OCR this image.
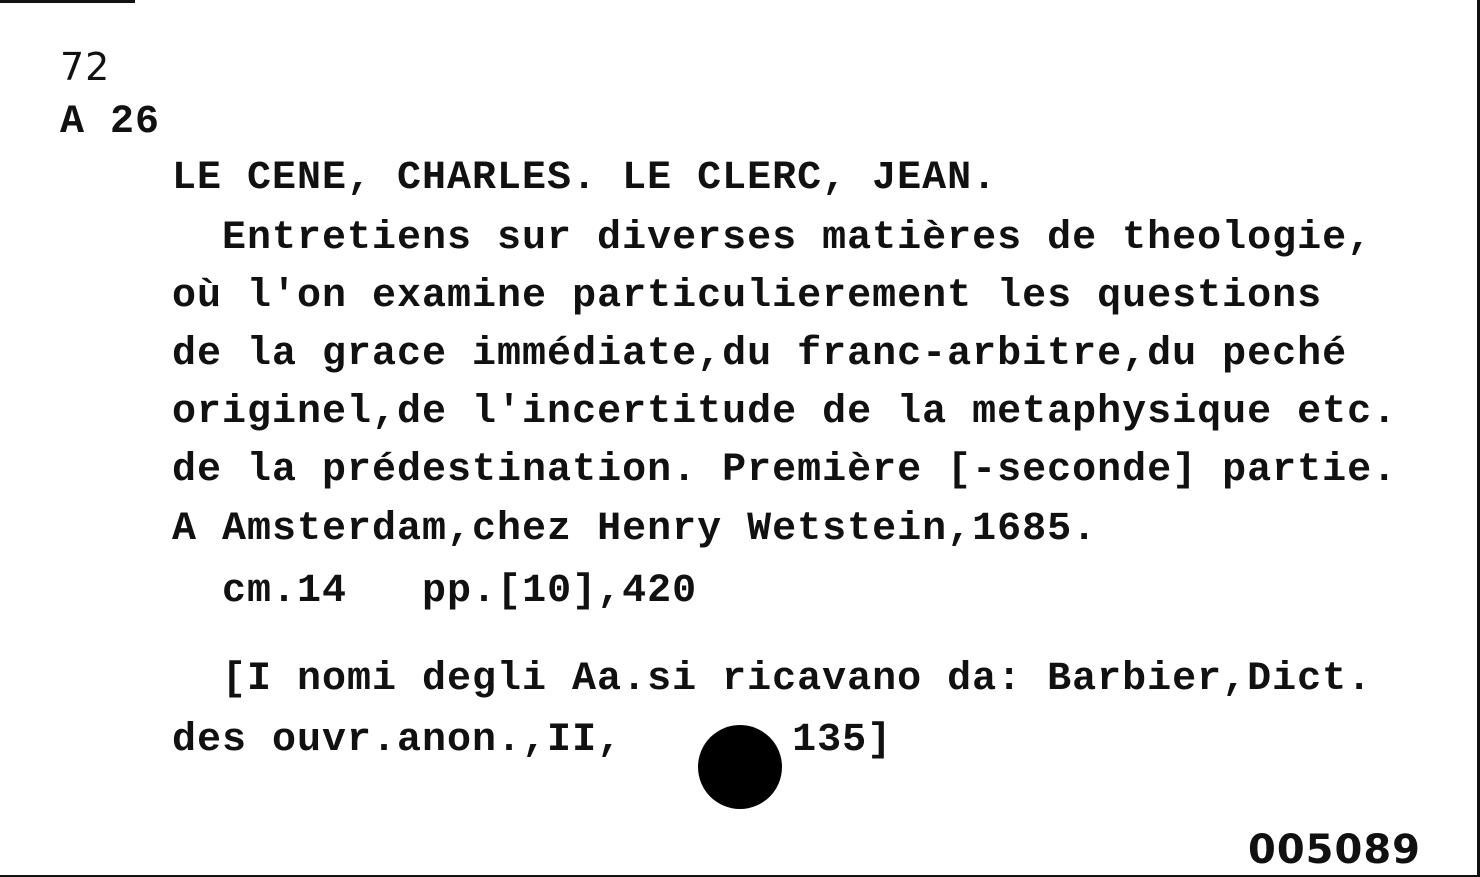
72
A 26
LE CENE, CHARLES. LE CLERC, JEAN.
Entretiens sur diverses matières de theologie,
où l'on examine particulierement les questions
de la grace immédiate,du franc-arbitre,du peché
originel,de l'incertitude de la metaphysique etc.
de la prédestination. Première [-seconde] partie.
A Amsterdam,chez Henry Wetstein,1685.
cm.14 pp.[10],420
[I nomi degli Aa.si ricavano da: Barbier,Dict.
des ouvr.anon.,II,	135]
005089
